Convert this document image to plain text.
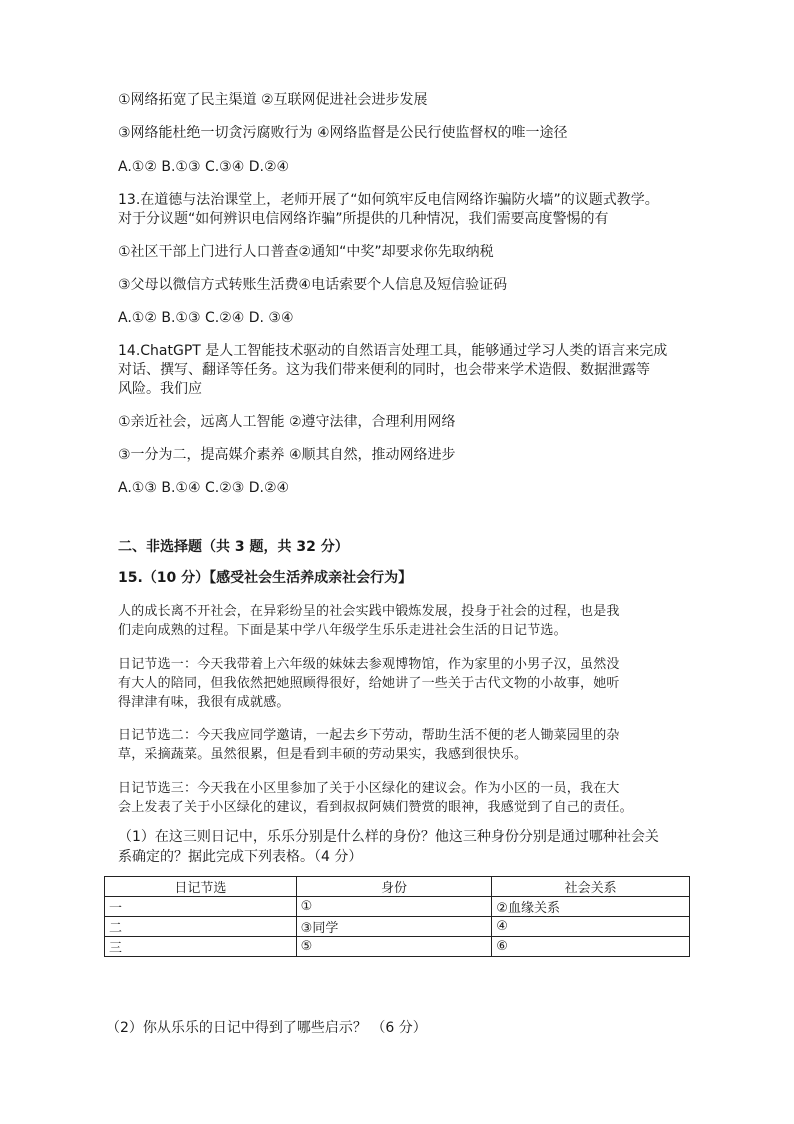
①网络拓宽了民主渠道 ②互联网促进社会进步发展
③网络能杜绝一切贪污腐败行为 ④网络监督是公民行使监督权的唯一途径
A.①② B.①③ C.③④ D.②④
13.在道德与法治课堂上，老师开展了“如何筑牢反电信网络诈骗防火墙”的议题式教学。
对于分议题“如何辨识电信网络诈骗”所提供的几种情况，我们需要高度警惕的有
①社区干部上门进行人口普查②通知“中奖”却要求你先取纳税
③父母以微信方式转账生活费④电话索要个人信息及短信验证码
A.①② B.①③ C.②④ D. ③④
14.ChatGPT 是人工智能技术驱动的自然语言处理工具，能够通过学习人类的语言来完成
对话、撰写、翻译等任务。这为我们带来便利的同时，也会带来学术造假、数据泄露等
风险。我们应
①亲近社会，远离人工智能 ②遵守法律，合理利用网络
③一分为二，提高媒介素养 ④顺其自然，推动网络进步
A.①③ B.①④ C.②③ D.②④
二、非选择题（共 3 题，共 32 分）
15.（10 分）【感受社会生活养成亲社会行为】
人的成长离不开社会，在异彩纷呈的社会实践中锻炼发展，投身于社会的过程，也是我
们走向成熟的过程。下面是某中学八年级学生乐乐走进社会生活的日记节选。
日记节选一：今天我带着上六年级的妹妹去参观博物馆，作为家里的小男子汉，虽然没
有大人的陪同，但我依然把她照顾得很好，给她讲了一些关于古代文物的小故事，她听
得津津有味，我很有成就感。
日记节选二：今天我应同学邀请，一起去乡下劳动，帮助生活不便的老人锄菜园里的杂
草，采摘蔬菜。虽然很累，但是看到丰硕的劳动果实，我感到很快乐。
日记节选三：今天我在小区里参加了关于小区绿化的建议会。作为小区的一员，我在大
会上发表了关于小区绿化的建议，看到叔叔阿姨们赞赏的眼神，我感觉到了自己的责任。
（1）在这三则日记中，乐乐分别是什么样的身份？他这三种身份分别是通过哪种社会关
系确定的？据此完成下列表格。（4 分）
日记节选	身份	社会关系
一	①	②血缘关系
二	③同学	④
三	⑤	⑥
（2）你从乐乐的日记中得到了哪些启示？ （6 分）
